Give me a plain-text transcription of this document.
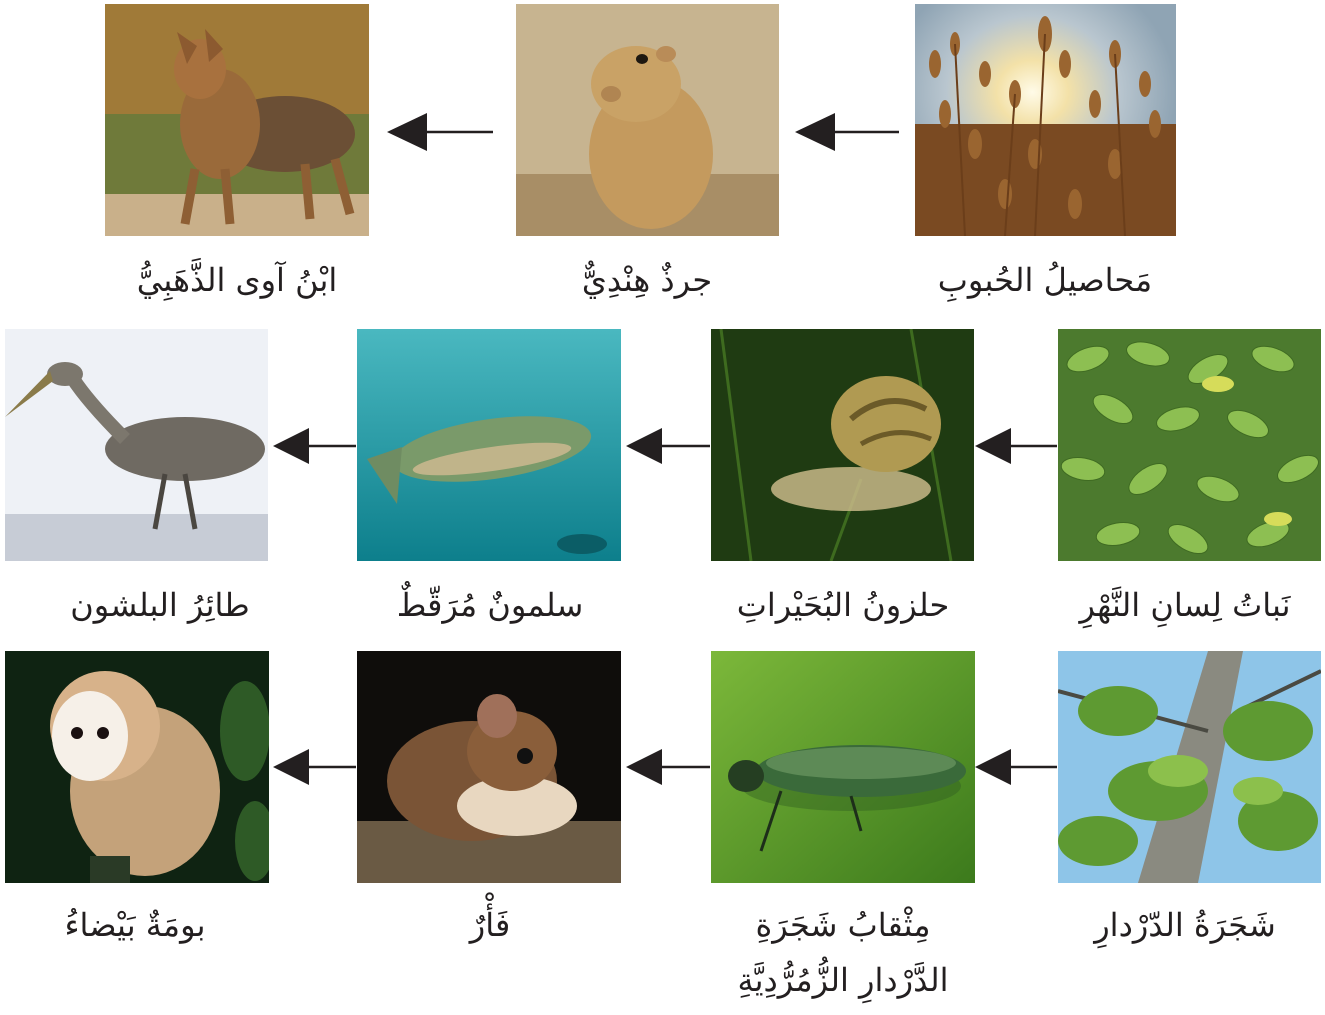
مَحاصيلُ الحُبوبِ
جرذٌ هِنْدِيٌّ
ابْنُ آوى الذَّهَبِيُّ
نَباتُ لِسانِ النَّهْرِ
حلزونُ البُحَيْراتِ
سلمونٌ مُرَقّطٌ
طائِرُ البلشون
شَجَرَةُ الدّرْدارِ
مِثْقابُ شَجَرَةِ
الدَّرْدارِ الزُّمُرُّدِيَّةِ
فَأْرٌ
بومَةٌ بَيْضاءُ
